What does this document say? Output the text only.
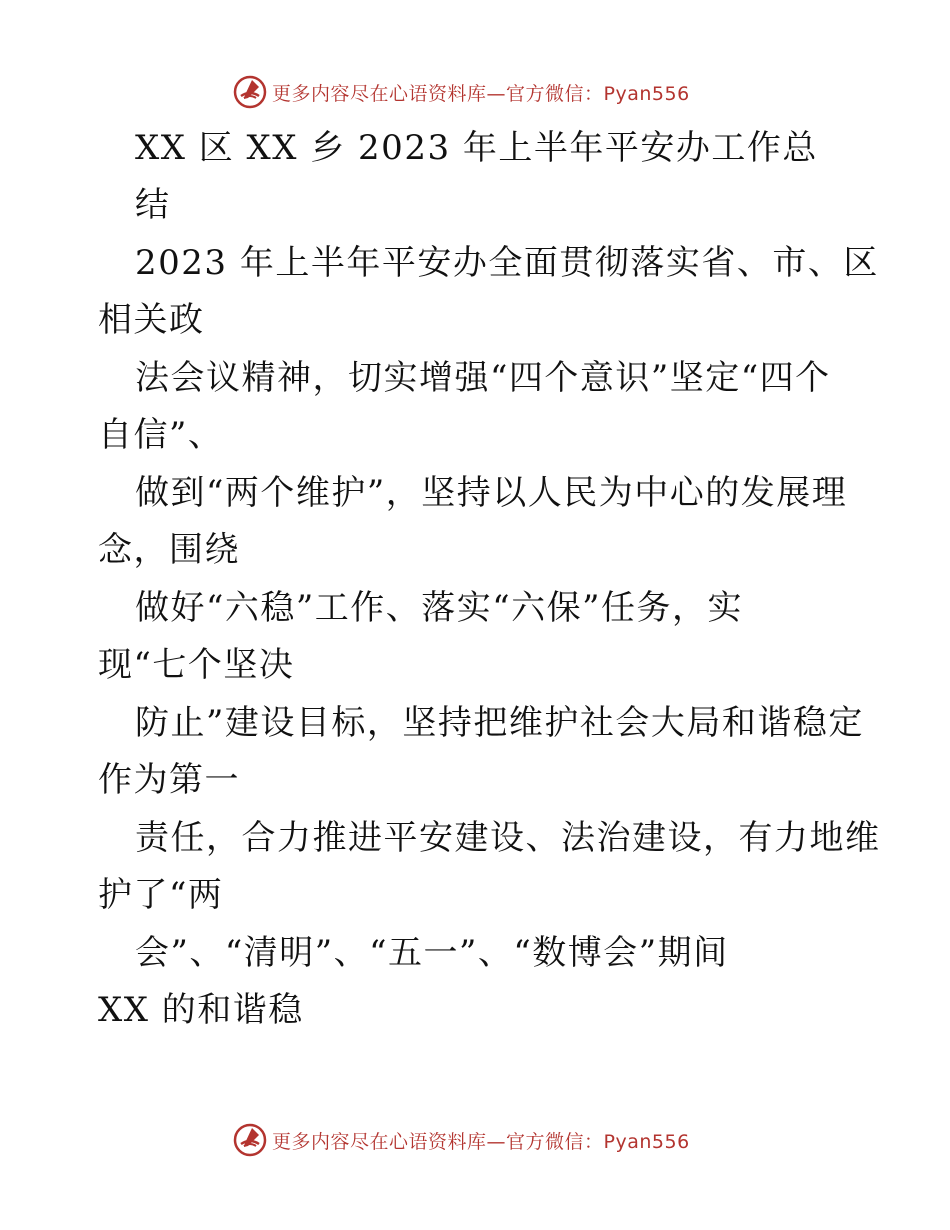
更多内容尽在心语资料库—官方微信：Pyan556
XX 区 XX 乡 2023 年上半年平安办工作总
结
2023 年上半年平安办全面贯彻落实省、市、区
相关政
法会议精神，切实增强“四个意识”坚定“四个
自信”、
做到“两个维护”，坚持以人民为中心的发展理
念，围绕
做好“六稳”工作、落实“六保”任务，实
现“七个坚决
防止”建设目标，坚持把维护社会大局和谐稳定
作为第一
责任，合力推进平安建设、法治建设，有力地维
护了“两
会”、“清明”、“五一”、“数博会”期间
XX 的和谐稳
更多内容尽在心语资料库—官方微信：Pyan556
